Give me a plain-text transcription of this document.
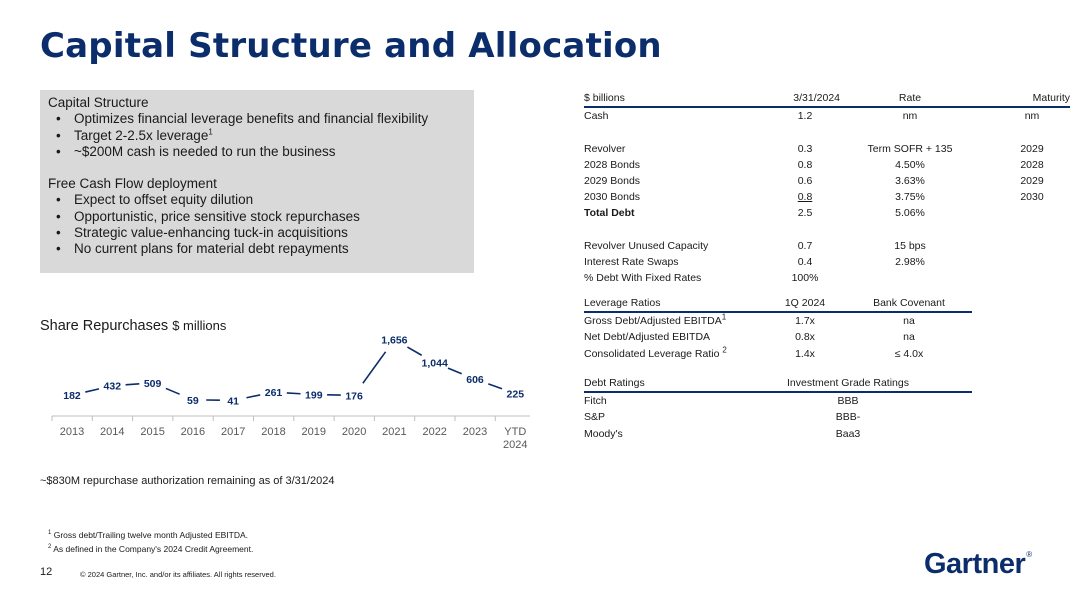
Capital Structure and Allocation
Capital Structure
• Optimizes financial leverage benefits and financial flexibility
• Target 2-2.5x leverage$^1$
• ~$200M cash is needed to run the business
Free Cash Flow deployment
• Expect to offset equity dilution
• Opportunistic, price sensitive stock repurchases
• Strategic value-enhancing tuck-in acquisitions
• No current plans for material debt repayments
Share Repurchases $ millions
182
432 509
59	41
261 199 176
1,656
1,044
606
225
2013 2014 2015 2016 2017 2018 2019 2020 2021 2022 2023 YTD
2024
~$830M repurchase authorization remaining as of 3/31/2024
$ billions	3/31/2024	Rate	Maturity
Cash	1.2	nm	nm

Revolver	0.3	Term SOFR + 135	2029
2028 Bonds	0.8	4.50%	2028
2029 Bonds	0.6	3.63%	2029
2030 Bonds	0.8	3.75%	2030
Total Debt	2.5	5.06%	

Revolver Unused Capacity	0.7	15 bps	
Interest Rate Swaps	0.4	2.98%	
% Debt With Fixed Rates	100%		
Leverage Ratios	1Q 2024	Bank Covenant
Gross Debt/Adjusted EBITDA$^1$	1.7x	na
Net Debt/Adjusted EBITDA	0.8x	na
Consolidated Leverage Ratio $^2$	1.4x	≤ 4.0x
Debt Ratings	Investment Grade Ratings
Fitch	BBB
S&P	BBB-
Moody's	Baa3
$^1$ Gross debt/Trailing twelve month Adjusted EBITDA.
$^2$ As defined in the Company's 2024 Credit Agreement.
12	© 2024 Gartner, Inc. and/or its affiliates. All rights reserved.	Gartner®
